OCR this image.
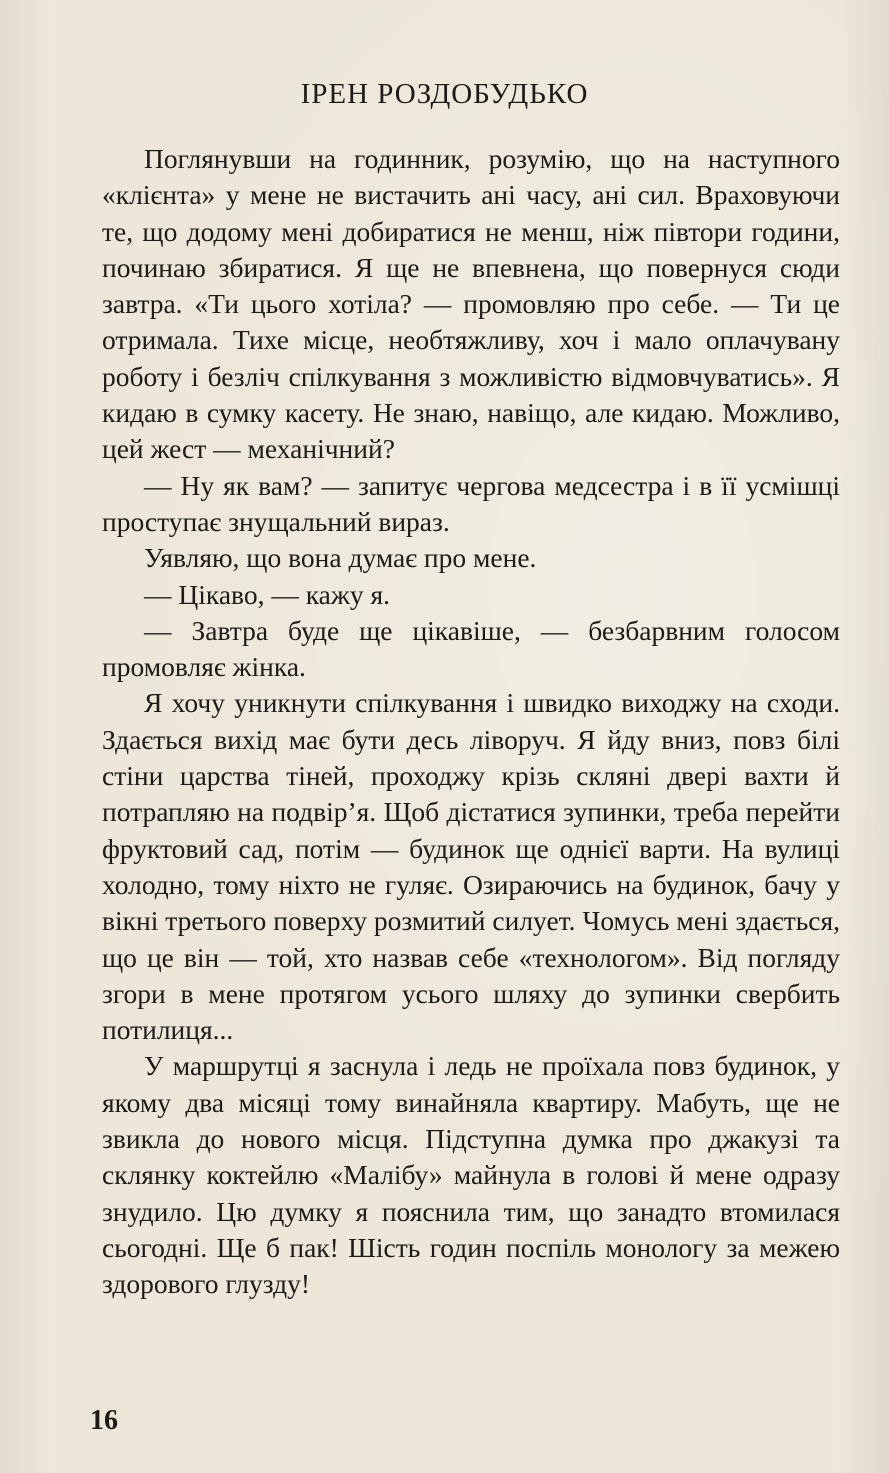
ІРЕН РОЗДОБУДЬКО

Поглянувши на годинник, розумію, що на наступного «клієнта» у мене не вистачить ані часу, ані сил. Враховуючи те, що додому мені добиратися не менш, ніж півтори години, починаю збиратися. Я ще не впевнена, що повернуся сюди завтра. «Ти цього хотіла? — промовляю про себе. — Ти це отримала. Тихе місце, необтяжливу, хоч і мало оплачувану роботу і безліч спілкування з можливістю відмовчуватись». Я кидаю в сумку касету. Не знаю, навіщо, але кидаю. Можливо, цей жест — механічний?

— Ну як вам? — запитує чергова медсестра і в її усмішці проступає знущальний вираз.

Уявляю, що вона думає про мене.

— Цікаво, — кажу я.

— Завтра буде ще цікавіше, — безбарвним голосом промовляє жінка.

Я хочу уникнути спілкування і швидко виходжу на сходи. Здається вихід має бути десь ліворуч. Я йду вниз, повз білі стіни царства тіней, проходжу крізь скляні двері вахти й потрапляю на подвір’я. Щоб дістатися зупинки, треба перейти фруктовий сад, потім — будинок ще однієї варти. На вулиці холодно, тому ніхто не гуляє. Озираючись на будинок, бачу у вікні третього поверху розмитий силует. Чомусь мені здається, що це він — той, хто назвав себе «технологом». Від погляду згори в мене протягом усього шляху до зупинки свербить потилиця...

У маршрутці я заснула і ледь не проїхала повз будинок, у якому два місяці тому винайняла квартиру. Мабуть, ще не звикла до нового місця. Підступна думка про джакузі та склянку коктейлю «Малібу» майнула в голові й мене одразу знудило. Цю думку я пояснила тим, що занадто втомилася сьогодні. Ще б пак! Шість годин поспіль монологу за межею здорового глузду!

16
